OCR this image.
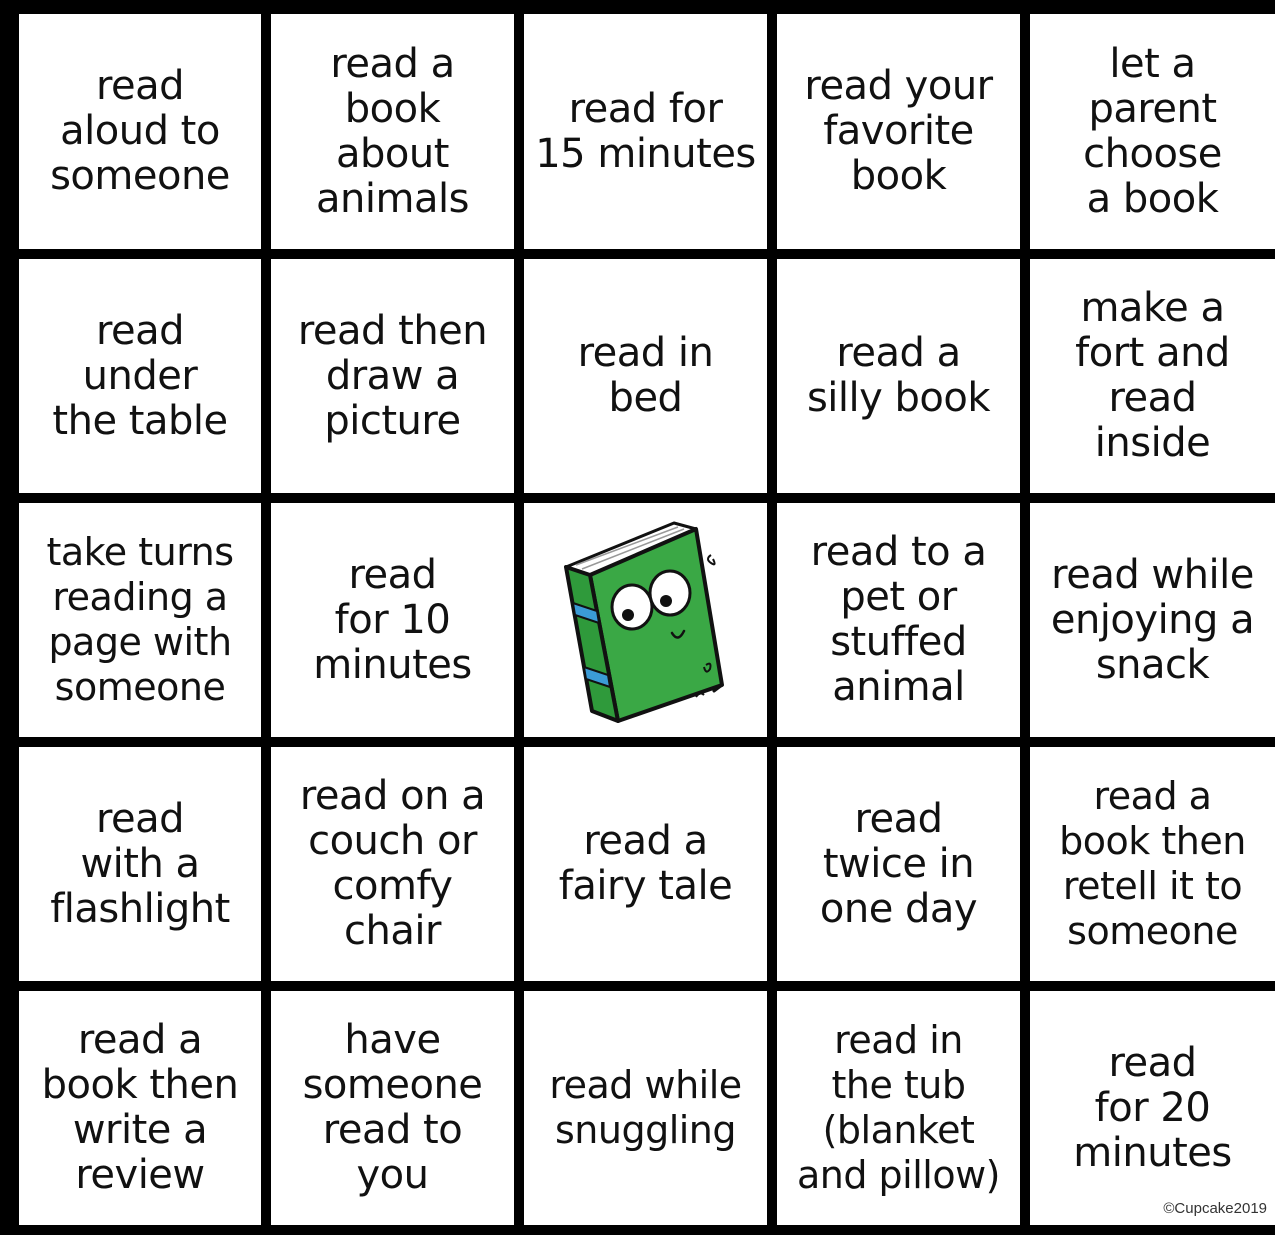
read
aloud to
someone
read a
book
about
animals
read for
15 minutes
read your
favorite
book
let a
parent
choose
a book
read
under
the table
read then
draw a
picture
read in
bed
read a
silly book
make a
fort and
read
inside
take turns
reading a
page with
someone
read
for 10
minutes
read to a
pet or
stuffed
animal
read while
enjoying a
snack
read
with a
flashlight
read on a
couch or
comfy
chair
read a
fairy tale
read
twice in
one day
read a
book then
retell it to
someone
read a
book then
write a
review
have
someone
read to
you
read while
snuggling
read in
the tub
(blanket
and pillow)
read
for 20
minutes
©Cupcake2019
